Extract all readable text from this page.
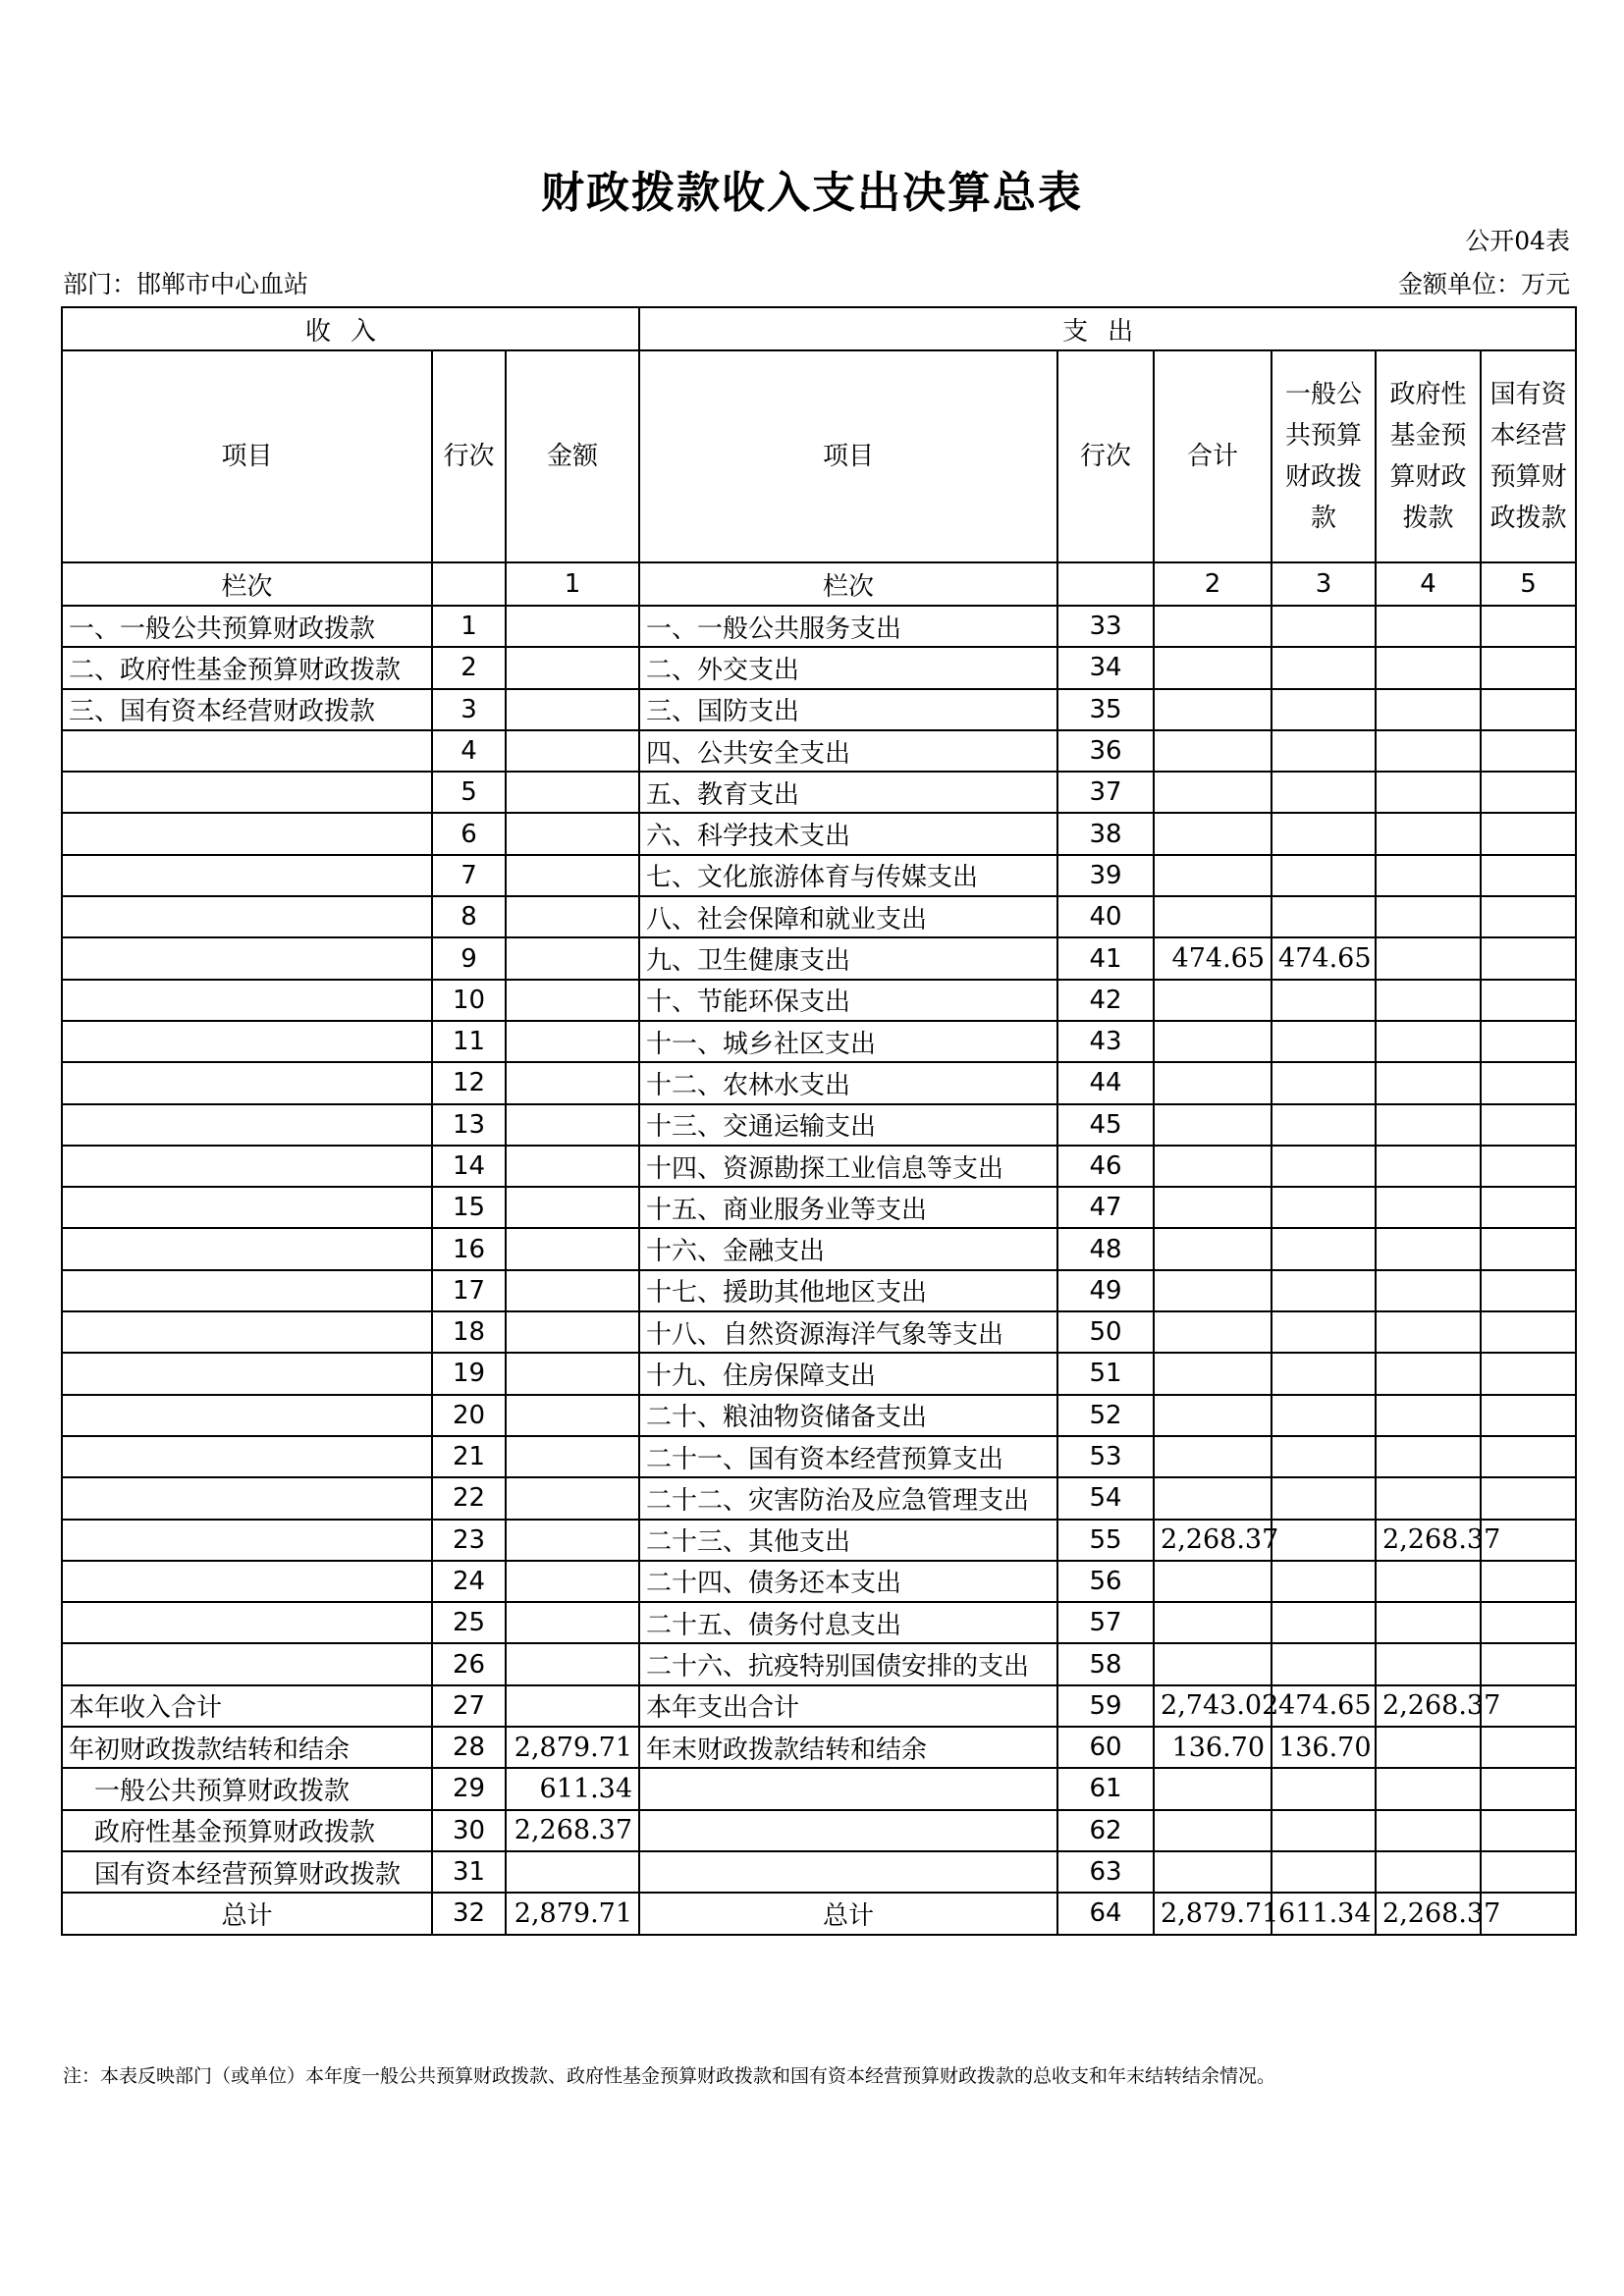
财政拨款收入支出决算总表
公开04表
部门：邯郸市中心血站	金额单位：万元
收入			支出					
项目	行次	金额	项目	行次	合计	一般公共预算财政拨款	政府性基金预算财政拨款	国有资本经营预算财政拨款
栏次		1	栏次		2	3	4	5
一、一般公共预算财政拨款	1		一、一般公共服务支出	33				
二、政府性基金预算财政拨款	2		二、外交支出	34				
三、国有资本经营财政拨款	3		三、国防支出	35				
	4		四、公共安全支出	36				
	5		五、教育支出	37				
	6		六、科学技术支出	38				
	7		七、文化旅游体育与传媒支出	39				
	8		八、社会保障和就业支出	40				
	9		九、卫生健康支出	41	474.65	474.65		
	10		十、节能环保支出	42				
	11		十一、城乡社区支出	43				
	12		十二、农林水支出	44				
	13		十三、交通运输支出	45				
	14		十四、资源勘探工业信息等支出	46				
	15		十五、商业服务业等支出	47				
	16		十六、金融支出	48				
	17		十七、援助其他地区支出	49				
	18		十八、自然资源海洋气象等支出	50				
	19		十九、住房保障支出	51				
	20		二十、粮油物资储备支出	52				
	21		二十一、国有资本经营预算支出	53				
	22		二十二、灾害防治及应急管理支出	54				
	23		二十三、其他支出	55	2,268.37		2,268.37	
	24		二十四、债务还本支出	56				
	25		二十五、债务付息支出	57				
	26		二十六、抗疫特别国债安排的支出	58				
本年收入合计	27		本年支出合计	59	2,743.02	474.65	2,268.37	
年初财政拨款结转和结余	28	2,879.71	年末财政拨款结转和结余	60	136.70	136.70		
一般公共预算财政拨款	29	611.34		61				
政府性基金预算财政拨款	30	2,268.37		62				
国有资本经营预算财政拨款	31			63				
总计	32	2,879.71	总计	64	2,879.71	611.34	2,268.37	
注：本表反映部门（或单位）本年度一般公共预算财政拨款、政府性基金预算财政拨款和国有资本经营预算财政拨款的总收支和年末结转结余情况。
